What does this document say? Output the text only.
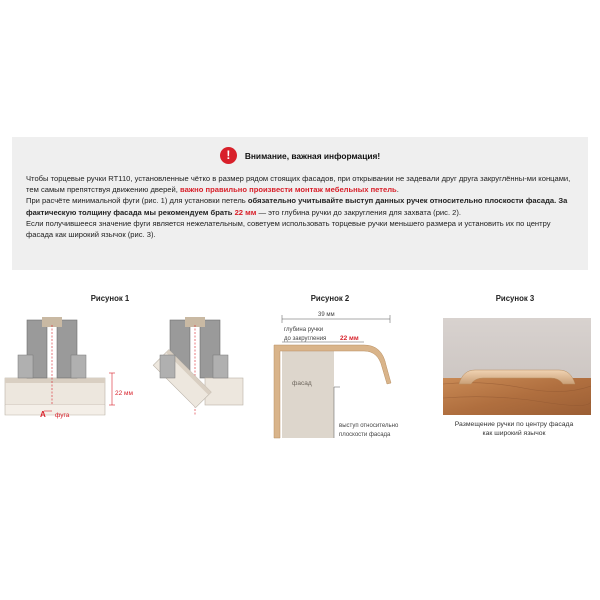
!	Внимание, важная информация!

Чтобы торцевые ручки RT110, установленные чётко в размер рядом стоящих фасадов, при открывании не задевали друг друга закруглённы-ми концами, тем самым препятствуя движению дверей, важно правильно произвести монтаж мебельных петель.

При расчёте минимальной фуги (рис. 1) для установки петель обязательно учитывайте выступ данных ручек относительно плоскости фасада. За фактическую толщину фасада мы рекомендуем брать 22 мм — это глубина ручки до закругления для захвата (рис. 2).

Если получившееся значение фуги является нежелательным, советуем использовать торцевые ручки меньшего размера и установить их по центру фасада как широкий язычок (рис. 3).

Рисунок 1	Рисунок 2	Рисунок 3
22 мм
A фуга
39 мм
глубина ручки
до закругления 22 мм
фасад
выступ относительно
плоскости фасада
Размещение ручки по центру фасада
как широкий язычок
